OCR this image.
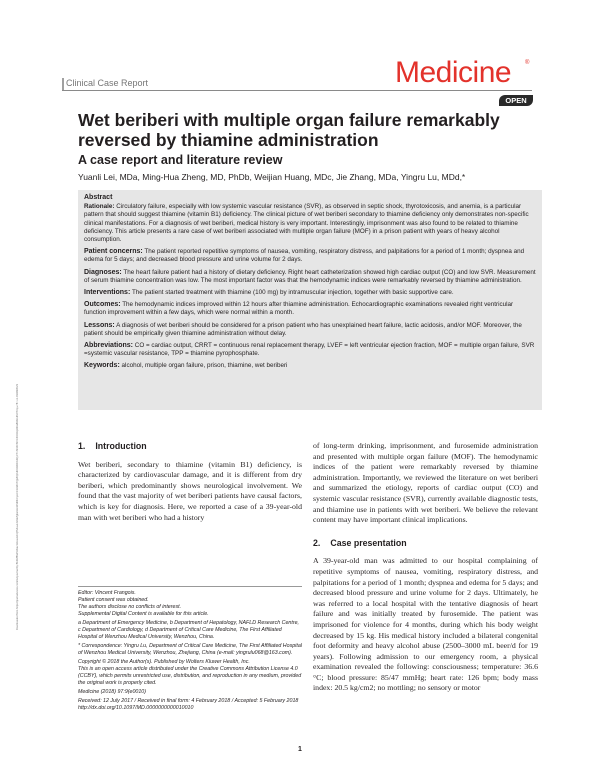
Downloaded from https://journals.lww.com/md-journal by BhDMf5ePHKav1zEoum1tQfN4a+kJLhEZgbsIHo4XMi0hCywCX1AWnYQp/IlQrHD3i3D0OdRyi7TvSFl4Cf3VC4/OAVpDDa8KKGKV0Ymy+78= on 03/28/2023
Clinical Case Report	Medicine ®
OPEN
Wet beriberi with multiple organ failure remarkably reversed by thiamine administration
A case report and literature review
Yuanli Lei, MDa, Ming-Hua Zheng, MD, PhDb, Weijian Huang, MDc, Jie Zhang, MDa, Yingru Lu, MDd,*
Abstract
Rationale: Circulatory failure, especially with low systemic vascular resistance (SVR), as observed in septic shock, thyrotoxicosis, and anemia, is a particular pattern that should suggest thiamine (vitamin B1) deficiency. The clinical picture of wet beriberi secondary to thiamine deficiency only demonstrates non-specific clinical manifestations. For a diagnosis of wet beriberi, medical history is very important. Interestingly, imprisonment was also found to be related to thiamine deficiency. This article presents a rare case of wet beriberi associated with multiple organ failure (MOF) in a prison patient with years of heavy alcohol consumption.
Patient concerns: The patient reported repetitive symptoms of nausea, vomiting, respiratory distress, and palpitations for a period of 1 month; dyspnea and edema for 5 days; and decreased blood pressure and urine volume for 2 days.
Diagnoses: The heart failure patient had a history of dietary deficiency. Right heart catheterization showed high cardiac output (CO) and low SVR. Measurement of serum thiamine concentration was low. The most important factor was that the hemodynamic indices were remarkably reversed by thiamine administration.
Interventions: The patient started treatment with thiamine (100 mg) by intramuscular injection, together with basic supportive care.
Outcomes: The hemodynamic indices improved within 12 hours after thiamine administration. Echocardiographic examinations revealed right ventricular function improvement within a few days, which were normal within a month.
Lessons: A diagnosis of wet beriberi should be considered for a prison patient who has unexplained heart failure, lactic acidosis, and/or MOF. Moreover, the patient should be empirically given thiamine administration without delay.
Abbreviations: CO = cardiac output, CRRT = continuous renal replacement therapy, LVEF = left ventricular ejection fraction, MOF = multiple organ failure, SVR =systemic vascular resistance, TPP = thiamine pyrophosphate.
Keywords: alcohol, multiple organ failure, prison, thiamine, wet beriberi
1. Introduction

Wet beriberi, secondary to thiamine (vitamin B1) deficiency, is characterized by cardiovascular damage, and it is different from dry beriberi, which predominantly shows neurological involvement. We found that the vast majority of wet beriberi patients have causal factors, which is key for diagnosis. Here, we reported a case of a 39-year-old man with wet beriberi who had a history

Editor: Vincent Frangois.
Patient consent was obtained.
The authors disclose no conflicts of interest.
Supplemental Digital Content is available for this article.
a Department of Emergency Medicine, b Department of Hepatology, NAFLD Research Centre, c Department of Cardiology, d Department of Critical Care Medicine, The First Affiliated Hospital of Wenzhou Medical University, Wenzhou, China.
* Correspondence: Yingru Lu, Department of Critical Care Medicine, The First Affiliated Hospital of Wenzhou Medical University, Wenzhou, Zhejiang, China (e-mail: yingrulu068@163.com).
Copyright © 2018 the Author(s). Published by Wolters Kluwer Health, Inc.
This is an open access article distributed under the Creative Commons Attribution License 4.0 (CCBY), which permits unrestricted use, distribution, and reproduction in any medium, provided the original work is properly cited.
Medicine (2018) 97:9(e0010)
Received: 12 July 2017 / Received in final form: 4 February 2018 / Accepted: 5 February 2018
http://dx.doi.org/10.1097/MD.0000000000010010

of long-term drinking, imprisonment, and furosemide administration and presented with multiple organ failure (MOF). The hemodynamic indices of the patient were remarkably reversed by thiamine administration. Importantly, we reviewed the literature on wet beriberi and summarized the etiology, reports of cardiac output (CO) and systemic vascular resistance (SVR), currently available diagnostic tests, and thiamine use in patients with wet beriberi. We believe the relevant content may have important clinical implications.

2. Case presentation

A 39-year-old man was admitted to our hospital complaining of repetitive symptoms of nausea, vomiting, respiratory distress, and palpitations for a period of 1 month; dyspnea and edema for 5 days; and decreased blood pressure and urine volume for 2 days. Ultimately, he was referred to a local hospital with the tentative diagnosis of heart failure and was initially treated by furosemide. The patient was imprisoned for violence for 4 months, during which his body weight decreased by 15 kg. His medical history included a bilateral congenital foot deformity and heavy alcohol abuse (2500–3000 mL beer/d for 19 years). Following admission to our emergency room, a physical examination revealed the following: consciousness; temperature: 36.6 °C; blood pressure: 85/47 mmHg; heart rate: 126 bpm; body mass index: 20.5 kg/cm2; no mottling; no sensory or motor

1
